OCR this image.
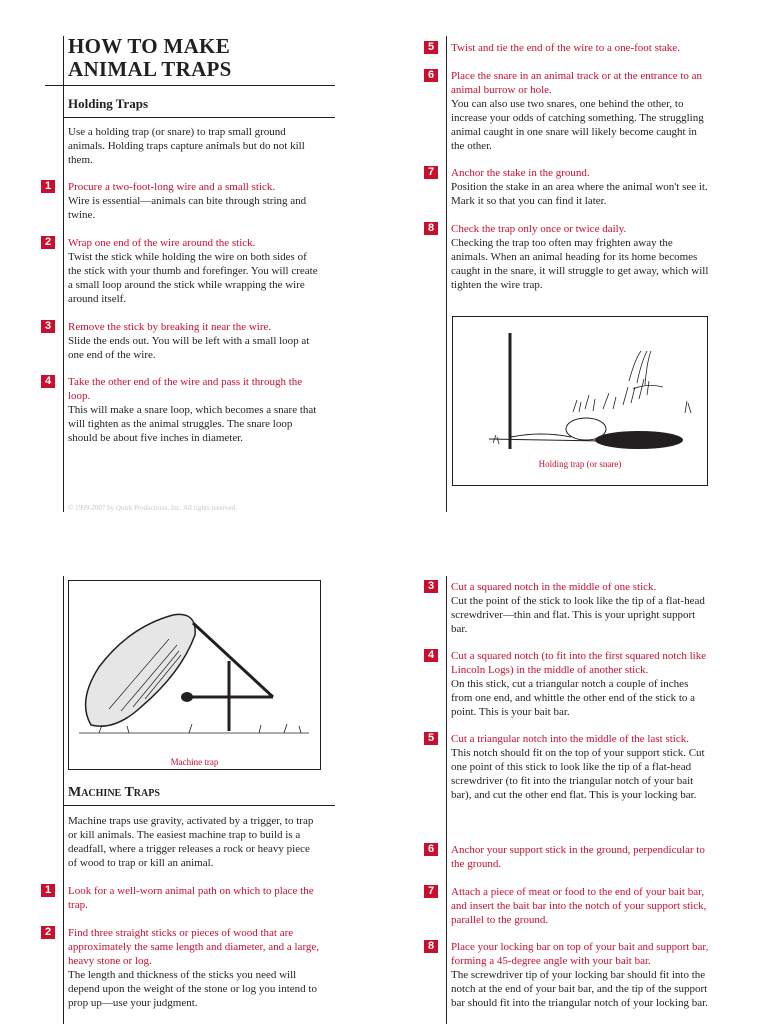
HOW TO MAKE
ANIMAL TRAPS
Holding Traps

Use a holding trap (or snare) to trap small ground animals. Holding traps capture animals but do not kill them.

1	Procure a two-foot-long wire and a small stick.
Wire is essential—animals can bite through string and twine.
2	Wrap one end of the wire around the stick.
Twist the stick while holding the wire on both sides of the stick with your thumb and forefinger. You will create a small loop around the stick while wrapping the wire around itself.
3	Remove the stick by breaking it near the wire.
Slide the ends out. You will be left with a small loop at one end of the wire.
4	Take the other end of the wire and pass it through the loop.
This will make a snare loop, which becomes a snare that will tighten as the animal struggles. The snare loop should be about five inches in diameter.
© 1999-2007 by Quirk Productions, Inc. All rights reserved.
5	Twist and tie the end of the wire to a one-foot stake.
6	Place the snare in an animal track or at the entrance to an animal burrow or hole.
You can also use two snares, one behind the other, to increase your odds of catching something. The struggling animal caught in one snare will likely become caught in the other.
7	Anchor the stake in the ground.
Position the stake in an area where the animal won't see it. Mark it so that you can find it later.
8	Check the trap only once or twice daily.
Checking the trap too often may frighten away the animals. When an animal heading for its home becomes caught in the snare, it will struggle to get away, which will tighten the wire trap.
Holding trap (or snare)
Machine trap
Machine Traps

Machine traps use gravity, activated by a trigger, to trap or kill animals. The easiest machine trap to build is a deadfall, where a trigger releases a rock or heavy piece of wood to trap or kill an animal.

1	Look for a well-worn animal path on which to place the trap.
2	Find three straight sticks or pieces of wood that are approximately the same length and diameter, and a large, heavy stone or log.
The length and thickness of the sticks you need will depend upon the weight of the stone or log you intend to prop up—use your judgment.
3	Cut a squared notch in the middle of one stick.
Cut the point of the stick to look like the tip of a flat-head screwdriver—thin and flat. This is your upright support bar.
4	Cut a squared notch (to fit into the first squared notch like Lincoln Logs) in the middle of another stick.
On this stick, cut a triangular notch a couple of inches from one end, and whittle the other end of the stick to a point. This is your bait bar.
5	Cut a triangular notch into the middle of the last stick.
This notch should fit on the top of your support stick. Cut one point of this stick to look like the tip of a flat-head screwdriver (to fit into the triangular notch of your bait bar), and cut the other end flat. This is your locking bar.
6	Anchor your support stick in the ground, perpendicular to the ground.
7	Attach a piece of meat or food to the end of your bait bar, and insert the bait bar into the notch of your support stick, parallel to the ground.
8	Place your locking bar on top of your bait and support bar, forming a 45-degree angle with your bait bar.
The screwdriver tip of your locking bar should fit into the notch at the end of your bait bar, and the tip of the support bar should fit into the triangular notch of your locking bar.
